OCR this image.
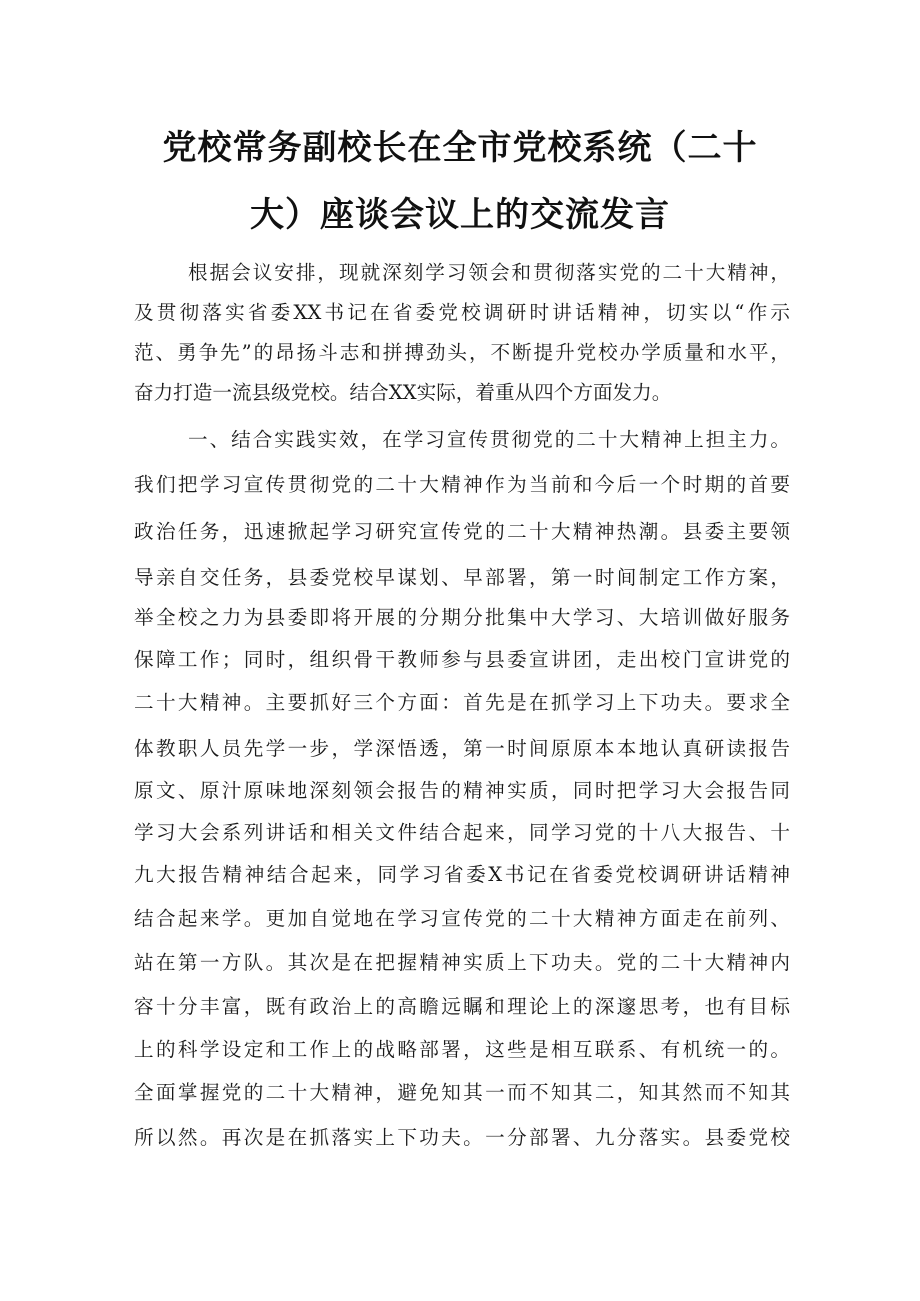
党校常务副校长在全市党校系统（二十
大）座谈会议上的交流发言
根据会议安排，现就深刻学习领会和贯彻落实党的二十大精神，
及贯彻落实省委XX书记在省委党校调研时讲话精神，切实以“作示
范、勇争先”的昂扬斗志和拼搏劲头，不断提升党校办学质量和水平，
奋力打造一流县级党校。结合XX实际，着重从四个方面发力。
一、结合实践实效，在学习宣传贯彻党的二十大精神上担主力。
我们把学习宣传贯彻党的二十大精神作为当前和今后一个时期的首要
政治任务，迅速掀起学习研究宣传党的二十大精神热潮。县委主要领
导亲自交任务，县委党校早谋划、早部署，第一时间制定工作方案，
举全校之力为县委即将开展的分期分批集中大学习、大培训做好服务
保障工作；同时，组织骨干教师参与县委宣讲团，走出校门宣讲党的
二十大精神。主要抓好三个方面：首先是在抓学习上下功夫。要求全
体教职人员先学一步，学深悟透，第一时间原原本本地认真研读报告
原文、原汁原味地深刻领会报告的精神实质，同时把学习大会报告同
学习大会系列讲话和相关文件结合起来，同学习党的十八大报告、十
九大报告精神结合起来，同学习省委X书记在省委党校调研讲话精神
结合起来学。更加自觉地在学习宣传党的二十大精神方面走在前列、
站在第一方队。其次是在把握精神实质上下功夫。党的二十大精神内
容十分丰富，既有政治上的高瞻远瞩和理论上的深邃思考，也有目标
上的科学设定和工作上的战略部署，这些是相互联系、有机统一的。
全面掌握党的二十大精神，避免知其一而不知其二，知其然而不知其
所以然。再次是在抓落实上下功夫。一分部署、九分落实。县委党校
